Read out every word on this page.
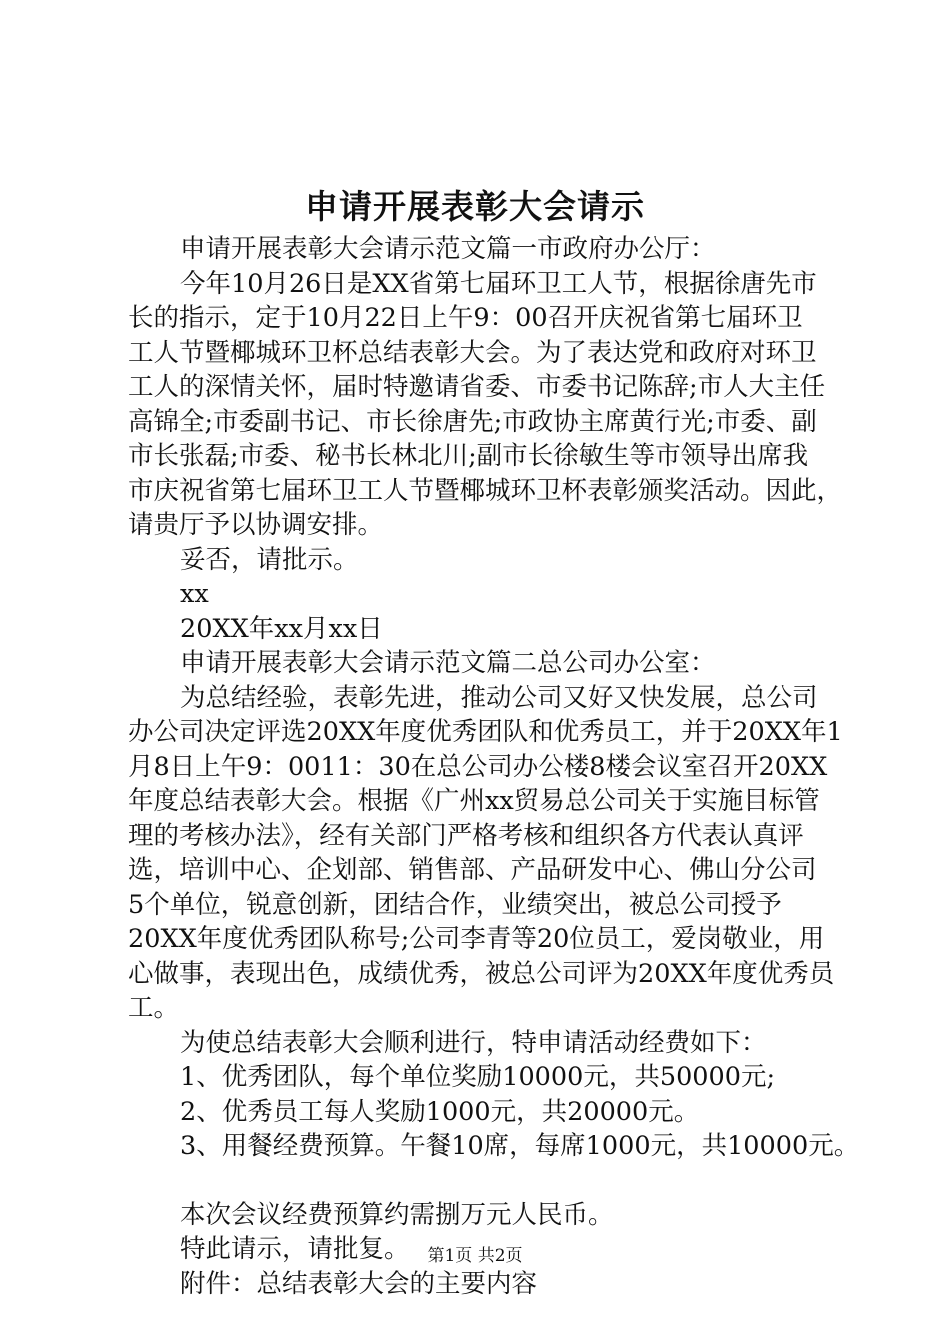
申请开展表彰大会请示

申请开展表彰大会请示范文篇一市政府办公厅：

今年10月26日是XX省第七届环卫工人节，根据徐唐先市

长的指示，定于10月22日上午9：00召开庆祝省第七届环卫

工人节暨椰城环卫杯总结表彰大会。为了表达党和政府对环卫

工人的深情关怀，届时特邀请省委、市委书记陈辞;市人大主任

高锦全;市委副书记、市长徐唐先;市政协主席黄行光;市委、副

市长张磊;市委、秘书长林北川;副市长徐敏生等市领导出席我

市庆祝省第七届环卫工人节暨椰城环卫杯表彰颁奖活动。因此，

请贵厅予以协调安排。

妥否，请批示。

xx

20XX年xx月xx日

申请开展表彰大会请示范文篇二总公司办公室：

为总结经验，表彰先进，推动公司又好又快发展，总公司

办公司决定评选20XX年度优秀团队和优秀员工，并于20XX年1

月8日上午9：0011：30在总公司办公楼8楼会议室召开20XX

年度总结表彰大会。根据《广州xx贸易总公司关于实施目标管

理的考核办法》，经有关部门严格考核和组织各方代表认真评

选，培训中心、企划部、销售部、产品研发中心、佛山分公司

5个单位，锐意创新，团结合作，业绩突出，被总公司授予

20XX年度优秀团队称号;公司李青等20位员工，爱岗敬业，用

心做事，表现出色，成绩优秀，被总公司评为20XX年度优秀员

工。

为使总结表彰大会顺利进行，特申请活动经费如下：

1、优秀团队，每个单位奖励10000元，共50000元;

2、优秀员工每人奖励1000元，共20000元。

3、用餐经费预算。午餐10席，每席1000元，共10000元。

本次会议经费预算约需捌万元人民币。

特此请示，请批复。

附件：总结表彰大会的主要内容

第1页 共2页
